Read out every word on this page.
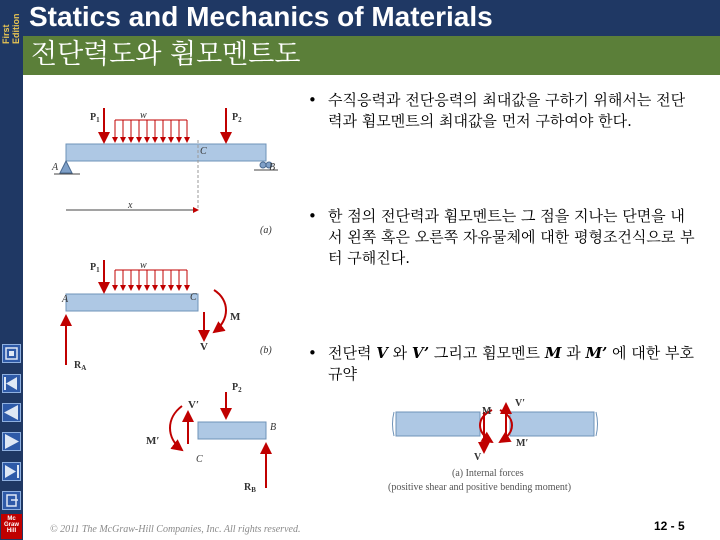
First Edition
Mc
Graw
Hill
Statics and Mechanics of Materials
전단력도와 휨모멘트도
$P_1$	w	$P_2$
A
C
B
x
(a)
$P_1$	w
A	C
M
V
$R_A$
(b)
$P_2$
V′
M′
B
C
$R_B$
• 수직응력과 전단응력의 최대값을 구하기 위해서는 전단력과 휨모멘트의 최대값을 먼저 구하여야 한다.
• 한 점의 전단력과 휨모멘트는 그 점을 지나는 단면을 내서 왼쪽 혹은 오른쪽 자유물체에 대한 평형조건식으로 부터 구해진다.
• 전단력 V 와 V’ 그리고 휨모멘트 M 과 M’ 에 대한 부호규약
M
V′
V
M′
(a) Internal forces
(positive shear and positive bending moment)
© 2011 The McGraw-Hill Companies, Inc. All rights reserved.	12 - 5
